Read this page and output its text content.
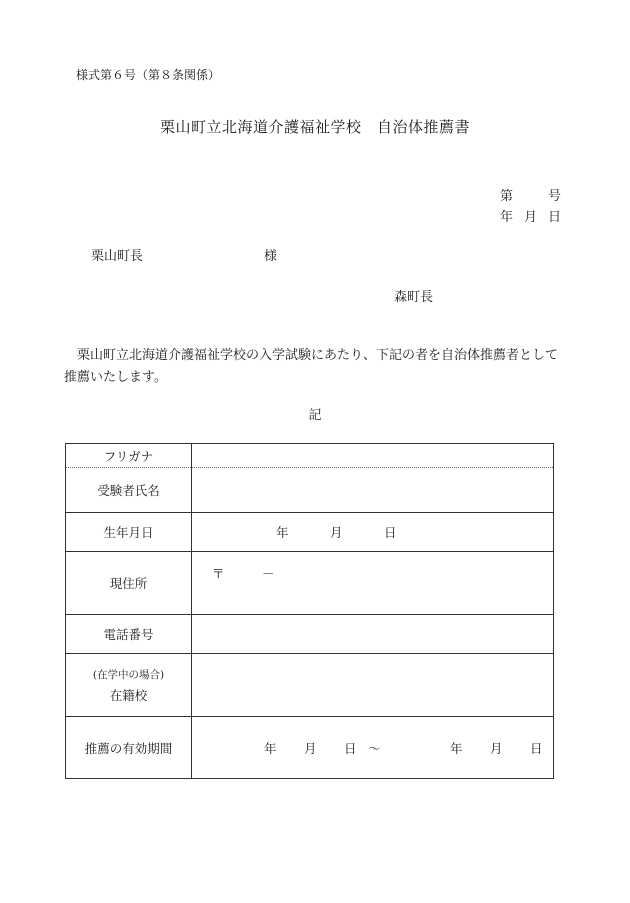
様式第６号（第８条関係）
栗山町立北海道介護福祉学校　自治体推薦書
第	号
年 月 日
栗山町長	様
森町長
栗山町立北海道介護福祉学校の入学試験にあたり、下記の者を自治体推薦者として
推薦いたします。
記
フリガナ	
受験者氏名	
生年月日	年 月 日
現住所	〒 －

電話番号	

(在学中の場合)
在籍校	
推薦の有効期間	年 月 日 ～ 年 月 日
